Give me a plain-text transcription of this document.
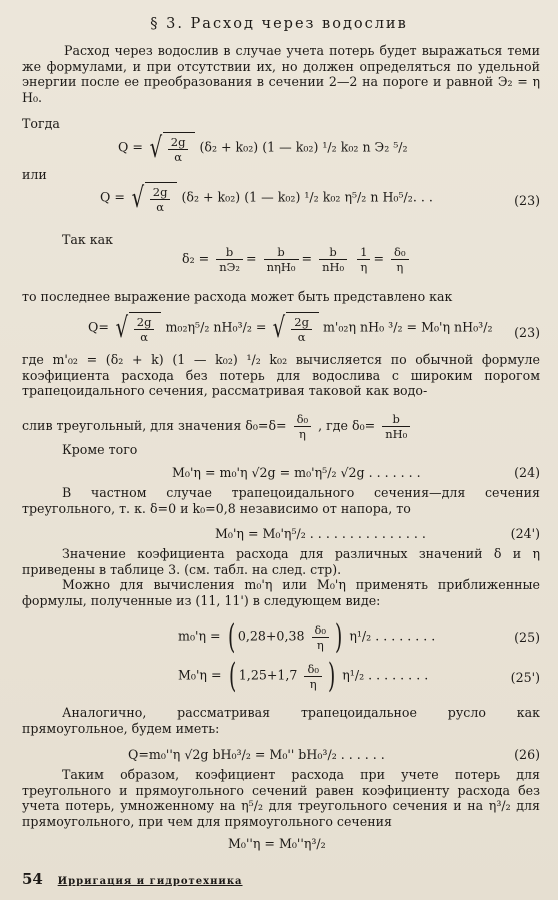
§ 3. Расход через водослив

Расход через водослив в случае учета потерь будет выражаться теми же формулами, и при отсутствии их, но должен определяться по удельной энергии после ее преобразования в сечении 2—2 на пороге и равной Э₂ = η H₀.

Тогда

Q = √ $\frac{2g}{\alpha} (\delta_2 + k_{02})$ (1 — k₀₂) ¹/₂ k₀₂ n Э₂ ⁵/₂

или

Q = √ $\frac{2g}{\alpha} (\delta_2 + k_{02})$ (1 — k₀₂) ¹/₂ k₀₂ η⁵/₂ n H₀⁵/₂. . .	(23)

Так как

$\delta_2 = \frac{b}{\text{nЭ₂}} = \frac{b}{\text{nηH₀}} = \frac{b}{\text{nH₀}}$
$\frac{1}{\eta} = \frac{\text{δ₀}}{\eta}$

то последнее выражение расхода может быть представлено как

Q= √ $\frac{2g}{\alpha} m_{02}\eta^5/_2$ nH₀³/₂ = √ $\frac{2g}{\alpha} m'_{02}\eta$ nH₀ ³/₂ = M₀'η nH₀³/₂ (23)

где m'₀₂ = (δ₂ + k) (1 — k₀₂) ¹/₂ k₀₂ вычисляется по обычной формуле коэфициента расхода без потерь для водослива с широким порогом трапецоидального сечения, рассматривая таковой как водо-

слив треугольный, для значения $\delta_0=\delta= \frac{\text{δ₀}}{\eta}$ , где $\delta_0= \frac{b}{\text{nH₀}}$

Кроме того

M₀'η = m₀'η √2g = m₀'η⁵/₂ √2g . . . . . . .	(24)

В частном случае трапецоидального сечения—для сечения треугольного, т. к. δ=0 и k₀=0,8 независимо от напора, то

M₀'η = M₀'η⁵/₂ . . . . . . . . . . . . . . .	(24')

Значение коэфициента расхода для различных значений δ и η приведены в таблице 3. (см. табл. на след. стр).

Можно для вычисления m₀'η или M₀'η применять приближенные формулы, полученные из (11, 11') в следующем виде:

m₀'η = ( $0,28+0,38 \frac{\text{δ₀}}{\eta}$ ) η¹/₂ . . . . . . . .	(25)
M₀'η = ( $1,25+1,7 \frac{\text{δ₀}}{\eta}$ ) η¹/₂ . . . . . . . .	(25')

Аналогично, рассматривая трапецоидальное русло как прямоугольное, будем иметь:

Q=m₀''η √2g bH₀³/₂ = M₀'' bH₀³/₂ . . . . . .	(26)

Таким образом, коэфициент расхода при учете потерь для треугольного и прямоугольного сечений равен коэфициенту расхода без учета потерь, умноженному на η⁵/₂ для треугольного сечения и на η³/₂ для прямоугольного, при чем для прямоугольного сечения

M₀''η = M₀''η³/₂
54 Ирригация и гидротехника
